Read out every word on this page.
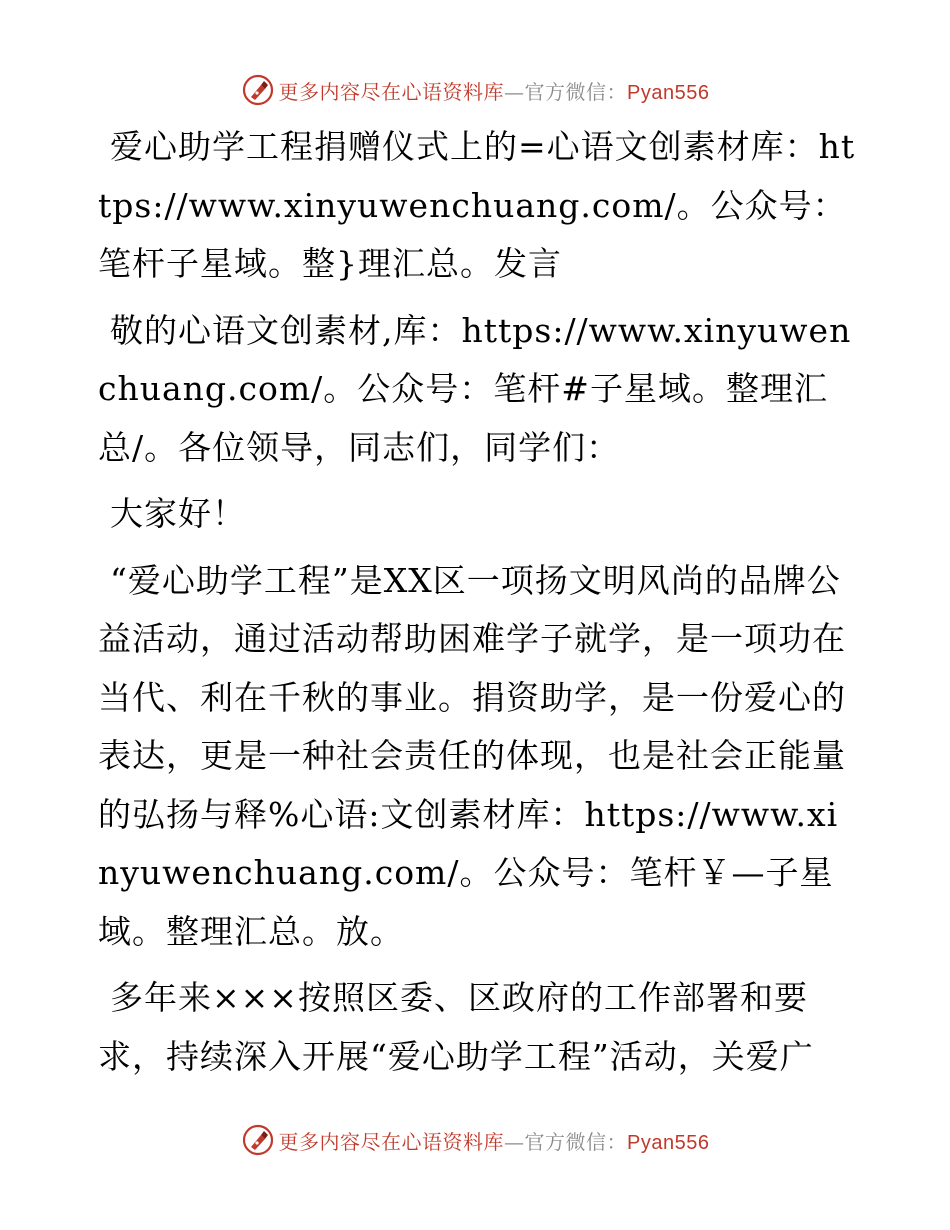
更多内容尽在心语资料库—官方微信：Pyan556

爱心助学工程捐赠仪式上的=心语文创素材库：https://www.xinyuwenchuang.com/。公众号：笔杆子星域。整}理汇总。发言

敬的心语文创素材,库：https://www.xinyuwenchuang.com/。公众号：笔杆#子星域。整理汇总/。各位领导，同志们，同学们：

大家好！

“爱心助学工程”是XX区一项扬文明风尚的品牌公益活动，通过活动帮助困难学子就学，是一项功在当代、利在千秋的事业。捐资助学，是一份爱心的表达，更是一种社会责任的体现，也是社会正能量的弘扬与释%心语:文创素材库：https://www.xinyuwenchuang.com/。公众号：笔杆￥—子星域。整理汇总。放。

多年来×××按照区委、区政府的工作部署和要求，持续深入开展“爱心助学工程”活动，关爱广

更多内容尽在心语资料库—官方微信：Pyan556
